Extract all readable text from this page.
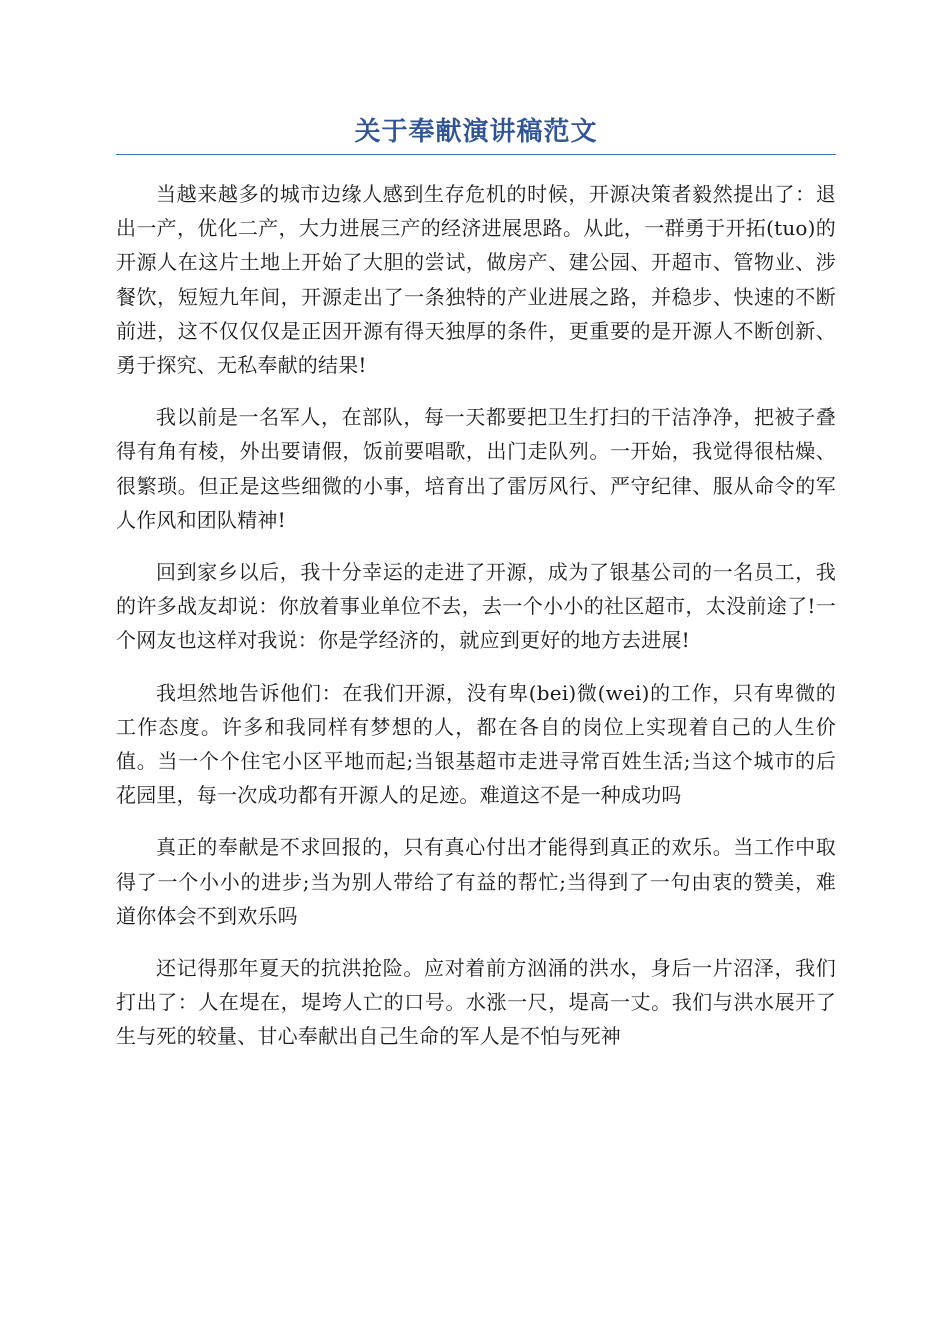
关于奉献演讲稿范文

当越来越多的城市边缘人感到生存危机的时候，开源决策者毅然提出了：退出一产，优化二产，大力进展三产的经济进展思路。从此，一群勇于开拓(tuo)的开源人在这片土地上开始了大胆的尝试，做房产、建公园、开超市、管物业、涉餐饮，短短九年间，开源走出了一条独特的产业进展之路，并稳步、快速的不断前进，这不仅仅仅是正因开源有得天独厚的条件，更重要的是开源人不断创新、勇于探究、无私奉献的结果!

我以前是一名军人，在部队，每一天都要把卫生打扫的干洁净净，把被子叠得有角有棱，外出要请假，饭前要唱歌，出门走队列。一开始，我觉得很枯燥、很繁琐。但正是这些细微的小事，培育出了雷厉风行、严守纪律、服从命令的军人作风和团队精神!

回到家乡以后，我十分幸运的走进了开源，成为了银基公司的一名员工，我的许多战友却说：你放着事业单位不去，去一个小小的社区超市，太没前途了!一个网友也这样对我说：你是学经济的，就应到更好的地方去进展!

我坦然地告诉他们：在我们开源，没有卑(bei)微(wei)的工作，只有卑微的工作态度。许多和我同样有梦想的人，都在各自的岗位上实现着自己的人生价值。当一个个住宅小区平地而起;当银基超市走进寻常百姓生活;当这个城市的后花园里，每一次成功都有开源人的足迹。难道这不是一种成功吗

真正的奉献是不求回报的，只有真心付出才能得到真正的欢乐。当工作中取得了一个小小的进步;当为别人带给了有益的帮忙;当得到了一句由衷的赞美，难道你体会不到欢乐吗

还记得那年夏天的抗洪抢险。应对着前方汹涌的洪水，身后一片沼泽，我们打出了：人在堤在，堤垮人亡的口号。水涨一尺，堤高一丈。我们与洪水展开了生与死的较量、甘心奉献出自己生命的军人是不怕与死神
